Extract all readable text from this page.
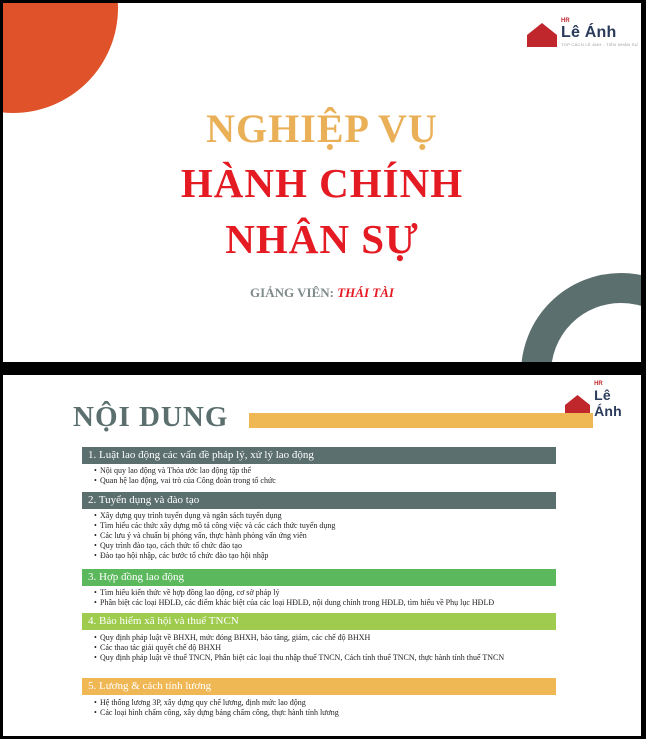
HR
Lê Ánh
TOP CÁCH LÊ ÁNH - TIÊN NHÂN SỰ
NGHIỆP VỤ
HÀNH CHÍNH
NHÂN SỰ
GIẢNG VIÊN: THÁI TÀI
HR
Lê Ánh
NỘI DUNG
1. Luật lao động các vấn đề pháp lý, xử lý lao động
• Nội quy lao động và Thỏa ước lao động tập thể
• Quan hệ lao động, vai trò của Công đoàn trong tổ chức
2. Tuyển dụng và đào tạo
• Xây dựng quy trình tuyển dụng và ngân sách tuyển dụng
• Tìm hiểu các thức xây dựng mô tả công việc và các cách thức tuyển dụng
• Các lưu ý và chuẩn bị phỏng vấn, thực hành phỏng vấn ứng viên
• Quy trình đào tạo, cách thức tổ chức đào tạo
• Đào tạo hội nhập, các bước tổ chức đào tạo hội nhập
3. Hợp đồng lao động
• Tìm hiểu kiến thức về hợp đồng lao động, cơ sở pháp lý
• Phân biệt các loại HĐLĐ, các điểm khác biệt của các loại HĐLĐ, nội dung chính trong HĐLĐ, tìm hiểu về Phụ lục HĐLĐ
4. Bảo hiểm xã hội và thuế TNCN
• Quy định pháp luật về BHXH, mức đóng BHXH, báo tăng, giảm, các chế độ BHXH
• Các thao tác giải quyết chế độ BHXH
• Quy định pháp luật về thuế TNCN, Phân biệt các loại thu nhập thuế TNCN, Cách tính thuế TNCN, thực hành tính thuế TNCN
5. Lương & cách tính lương
• Hệ thống lương 3P, xây dựng quy chế lương, định mức lao động
• Các loại hình chấm công, xây dựng bảng chấm công, thực hành tính lương
